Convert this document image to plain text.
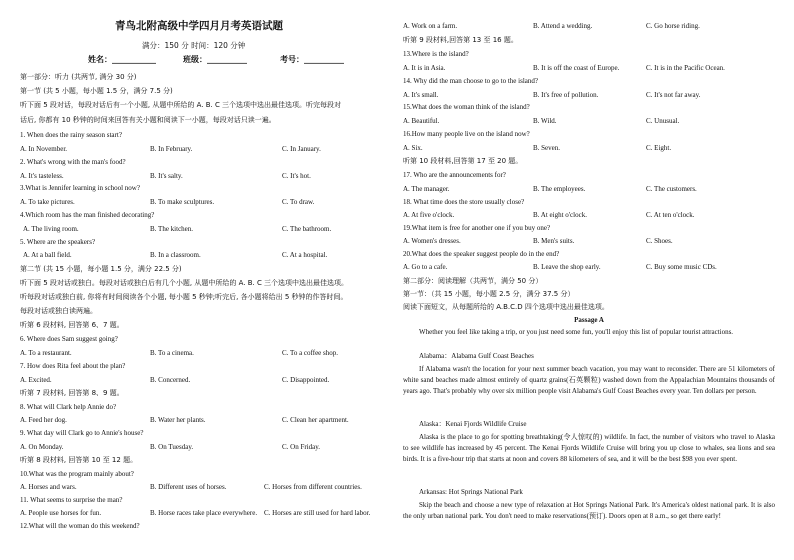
青鸟北附高级中学四月月考英语试题
满分：150 分 时间：120 分钟
姓名：___________	班级：__________	考号：__________
第一部分：听力 (共两节, 满分 30 分)
第一节 (共 5 小题，每小题 1.5 分，满分 7.5 分)
听下面 5 段对话，每段对话后有一个小题, 从题中所给的 A. B. C 三个选项中选出最佳选项。听完每段对
话后, 你都有 10 秒钟的时间来回答有关小题和阅读下一小题，每段对话只读一遍。
1. When does the rainy season start?
A. In November.	B. In February.	C. In January.
2. What's wrong with the man's food?
A. It's tasteless.	B. It's salty.	C. It's hot.
3.What is Jennifer learning in school now?
A. To take pictures.	B. To make sculptures.	C. To draw.
4.Which room has the man finished decorating?
A. The living room.	B. The kitchen.	C. The bathroom.
5. Where are the speakers?
A. At a ball field.	B. In a classroom.	C. At a hospital.
第二节 (共 15 小题，每小题 1.5 分，满分 22.5 分)
听下面 5 段对话或独白。每段对话或独白后有几个小题, 从题中所给的 A. B. C 三个选项中选出最佳选项。
听每段对话或独白前, 你将有时间阅读各个小题, 每小题 5 秒钟;听完后, 各小题将给出 5 秒钟的作答时间。
每段对话或独白读两遍。
听第 6 段材料, 回答第 6、7 题。
6. Where does Sam suggest going?
A. To a restaurant.	B. To a cinema.	C. To a coffee shop.
7. How does Rita feel about the plan?
A. Excited.	B. Concerned.	C. Disappointed.
听第 7 段材料, 回答第 8、9 题。
8. What will Clark help Annie do?
A. Feed her dog.	B. Water her plants.	C. Clean her apartment.
9. What day will Clark go to Annie's house?
A. On Monday.	B. On Tuesday.	C. On Friday.
听第 8 段材料, 回答第 10 至 12 题。
10.What was the program mainly about?
A. Horses and wars.	B. Different uses of horses.	C. Horses from different countries.
11. What seems to surprise the man?
A. People use horses for fun.	B. Horse races take place everywhere. C. Horses are still used for hard labor.
12.What will the woman do this weekend?
A. Work on a farm.	B. Attend a wedding.	C. Go horse riding.
听第 9 段材料,回答第 13 至 16 题。
13.Where is the island?
A. It is in Asia.	B. It is off the coast of Europe.	C. It is in the Pacific Ocean.
14. Why did the man choose to go to the island?
A. It's small.	B. It's free of pollution.	C. It's not far away.
15.What does the woman think of the island?
A. Beautiful.	B. Wild.	C. Unusual.
16.How many people live on the island now?
A. Six.	B. Seven.	C. Eight.
听第 10 段材料,回答第 17 至 20 题。
17. Who are the announcements for?
A. The manager.	B. The employees.	C. The customers.
18. What time does the store usually close?
A. At five o'clock.	B. At eight o'clock.	C. At ten o'clock.
19.What item is free for another one if you buy one?
A. Women's dresses.	B. Men's suits.	C. Shoes.
20.What does the speaker suggest people do in the end?
A. Go to a cafe.	B. Leave the shop early.	C. Buy some music CDs.
第二部分：阅读理解（共两节，满分 50 分）
第一节：（共 15 小题，每小题 2.5 分，满分 37.5 分）
阅读下面短文，从每题所给的 A.B.C.D 四个选项中选出最佳选项。
Passage A
Whether you feel like taking a trip, or you just need some fun, you'll enjoy this list of popular tourist attractions.
Alabama：Alabama Gulf Coast Beaches
If Alabama wasn't the location for your next summer beach vacation, you may want to reconsider. There are 51 kilometers of white sand beaches made almost entirely of quartz grains(石英颗粒) washed down from the Appalachian Mountains thousands of years ago. That's probably why over six million people visit Alabama's Gulf Coast Beaches every year. Ten dollars per person.
Alaska：Kenai Fjords Wildlife Cruise
Alaska is the place to go for spotting breathtaking(令人惊叹的) wildlife. In fact, the number of visitors who travel to Alaska to see wildlife has increased by 45 percent. The Kenai Fjords Wildlife Cruise will bring you up close to whales, sea lions and sea birds. It is a five-hour trip that starts at noon and covers 88 kilometers of sea, and it will be the best $98 you ever spent.
Arkansas: Hot Springs National Park
Skip the beach and choose a new type of relaxation at Hot Springs National Park. It's America's oldest national park. It is also the only urban national park. You don't need to make reservations(预订). Doors open at 8 a.m., so get there early!
